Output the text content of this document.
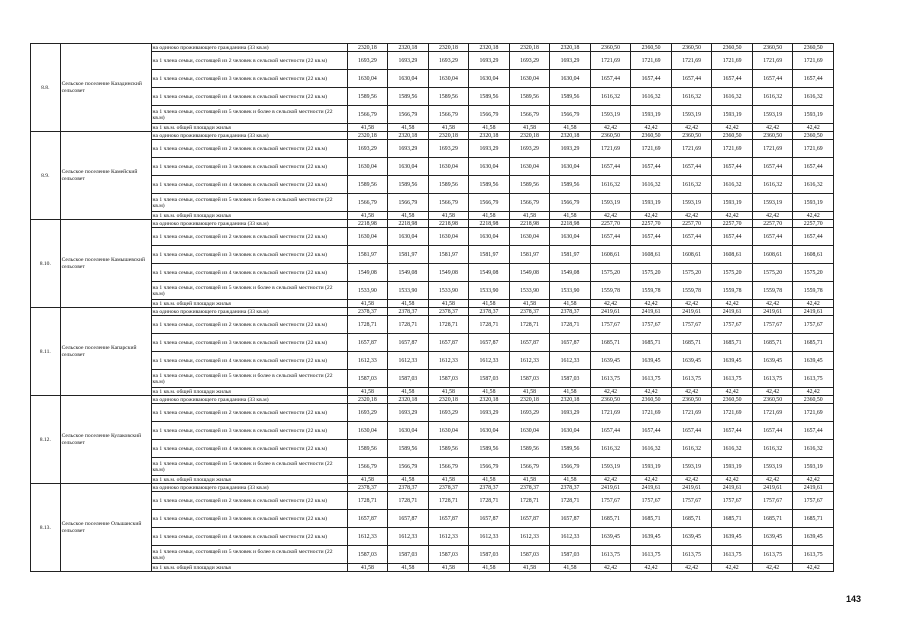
8.8.	Сельское поселение Казадинский сельсовет	на одиноко проживающего гражданина (33 кв.м)	2320,18	2320,18	2320,18	2320,18	2320,18	2320,18	2360,50	2360,50	2360,50	2360,50	2360,50	2360,50
		на 1 члена семьи, состоящей из 2 человек в сельской местности (22 кв.м)	1693,29	1693,29	1693,29	1693,29	1693,29	1693,29	1721,69	1721,69	1721,69	1721,69	1721,69	1721,69
		на 1 члена семьи, состоящей из 3 человек в сельской местности (22 кв.м)	1630,04	1630,04	1630,04	1630,04	1630,04	1630,04	1657,44	1657,44	1657,44	1657,44	1657,44	1657,44
		на 1 члена семьи, состоящей из 4 человек в сельской местности (22 кв.м)	1589,56	1589,56	1589,56	1589,56	1589,56	1589,56	1616,32	1616,32	1616,32	1616,32	1616,32	1616,32
		на 1 члена семьи, состоящей из 5 человек и более в сельской местности (22 кв.м)	1566,79	1566,79	1566,79	1566,79	1566,79	1566,79	1593,19	1593,19	1593,19	1593,19	1593,19	1593,19
		на 1 кв.м. общей площади жилья	41,58	41,58	41,58	41,58	41,58	41,58	42,42	42,42	42,42	42,42	42,42	42,42
8.9.	Сельское поселение Камейский сельсовет	на одиноко проживающего гражданина (33 кв.м)	2320,18	2320,18	2320,18	2320,18	2320,18	2320,18	2360,50	2360,50	2360,50	2360,50	2360,50	2360,50
		на 1 члена семьи, состоящей из 2 человек в сельской местности (22 кв.м)	1693,29	1693,29	1693,29	1693,29	1693,29	1693,29	1721,69	1721,69	1721,69	1721,69	1721,69	1721,69
		на 1 члена семьи, состоящей из 3 человек в сельской местности (22 кв.м)	1630,04	1630,04	1630,04	1630,04	1630,04	1630,04	1657,44	1657,44	1657,44	1657,44	1657,44	1657,44
		на 1 члена семьи, состоящей из 4 человек в сельской местности (22 кв.м)	1589,56	1589,56	1589,56	1589,56	1589,56	1589,56	1616,32	1616,32	1616,32	1616,32	1616,32	1616,32
		на 1 члена семьи, состоящей из 5 человек и более в сельской местности (22 кв.м)	1566,79	1566,79	1566,79	1566,79	1566,79	1566,79	1593,19	1593,19	1593,19	1593,19	1593,19	1593,19
		на 1 кв.м. общей площади жилья	41,58	41,58	41,58	41,58	41,58	41,58	42,42	42,42	42,42	42,42	42,42	42,42
8.10.	Сельское поселение Камышевский сельсовет	на одиноко проживающего гражданина (33 кв.м)	2218,98	2218,98	2218,98	2218,98	2218,98	2218,98	2257,70	2257,70	2257,70	2257,70	2257,70	2257,70
		на 1 члена семьи, состоящей из 2 человек в сельской местности (22 кв.м)	1630,04	1630,04	1630,04	1630,04	1630,04	1630,04	1657,44	1657,44	1657,44	1657,44	1657,44	1657,44
		на 1 члена семьи, состоящей из 3 человек в сельской местности (22 кв.м)	1581,97	1581,97	1581,97	1581,97	1581,97	1581,97	1608,61	1608,61	1608,61	1608,61	1608,61	1608,61
		на 1 члена семьи, состоящей из 4 человек в сельской местности (22 кв.м)	1549,08	1549,08	1549,08	1549,08	1549,08	1549,08	1575,20	1575,20	1575,20	1575,20	1575,20	1575,20
		на 1 члена семьи, состоящей из 5 человек и более в сельской местности (22 кв.м)	1533,90	1533,90	1533,90	1533,90	1533,90	1533,90	1559,78	1559,78	1559,78	1559,78	1559,78	1559,78
		на 1 кв.м. общей площади жилья	41,58	41,58	41,58	41,58	41,58	41,58	42,42	42,42	42,42	42,42	42,42	42,42
8.11.	Сельское поселение Капарский сельсовет	на одиноко проживающего гражданина (33 кв.м)	2378,37	2378,37	2378,37	2378,37	2378,37	2378,37	2419,61	2419,61	2419,61	2419,61	2419,61	2419,61
		на 1 члена семьи, состоящей из 2 человек в сельской местности (22 кв.м)	1728,71	1728,71	1728,71	1728,71	1728,71	1728,71	1757,67	1757,67	1757,67	1757,67	1757,67	1757,67
		на 1 члена семьи, состоящей из 3 человек в сельской местности (22 кв.м)	1657,87	1657,87	1657,87	1657,87	1657,87	1657,87	1685,71	1685,71	1685,71	1685,71	1685,71	1685,71
		на 1 члена семьи, состоящей из 4 человек в сельской местности (22 кв.м)	1612,33	1612,33	1612,33	1612,33	1612,33	1612,33	1639,45	1639,45	1639,45	1639,45	1639,45	1639,45
		на 1 члена семьи, состоящей из 5 человек и более в сельской местности (22 кв.м)	1587,03	1587,03	1587,03	1587,03	1587,03	1587,03	1613,75	1613,75	1613,75	1613,75	1613,75	1613,75
		на 1 кв.м. общей площади жилья	41,58	41,58	41,58	41,58	41,58	41,58	42,42	42,42	42,42	42,42	42,42	42,42
8.12.	Сельское поселение Кулаковский сельсовет	на одиноко проживающего гражданина (33 кв.м)	2320,18	2320,18	2320,18	2320,18	2320,18	2320,18	2360,50	2360,50	2360,50	2360,50	2360,50	2360,50
		на 1 члена семьи, состоящей из 2 человек в сельской местности (22 кв.м)	1693,29	1693,29	1693,29	1693,29	1693,29	1693,29	1721,69	1721,69	1721,69	1721,69	1721,69	1721,69
		на 1 члена семьи, состоящей из 3 человек в сельской местности (22 кв.м)	1630,04	1630,04	1630,04	1630,04	1630,04	1630,04	1657,44	1657,44	1657,44	1657,44	1657,44	1657,44
		на 1 члена семьи, состоящей из 4 человек в сельской местности (22 кв.м)	1589,56	1589,56	1589,56	1589,56	1589,56	1589,56	1616,32	1616,32	1616,32	1616,32	1616,32	1616,32
		на 1 члена семьи, состоящей из 5 человек и более в сельской местности (22 кв.м)	1566,79	1566,79	1566,79	1566,79	1566,79	1566,79	1593,19	1593,19	1593,19	1593,19	1593,19	1593,19
		на 1 кв.м. общей площади жилья	41,58	41,58	41,58	41,58	41,58	41,58	42,42	42,42	42,42	42,42	42,42	42,42
8.13.	Сельское поселение Ольшанский сельсовет	на одиноко проживающего гражданина (33 кв.м)	2378,37	2378,37	2378,37	2378,37	2378,37	2378,37	2419,61	2419,61	2419,61	2419,61	2419,61	2419,61
		на 1 члена семьи, состоящей из 2 человек в сельской местности (22 кв.м)	1728,71	1728,71	1728,71	1728,71	1728,71	1728,71	1757,67	1757,67	1757,67	1757,67	1757,67	1757,67
		на 1 члена семьи, состоящей из 3 человек в сельской местности (22 кв.м)	1657,87	1657,87	1657,87	1657,87	1657,87	1657,87	1685,71	1685,71	1685,71	1685,71	1685,71	1685,71
		на 1 члена семьи, состоящей из 4 человек в сельской местности (22 кв.м)	1612,33	1612,33	1612,33	1612,33	1612,33	1612,33	1639,45	1639,45	1639,45	1639,45	1639,45	1639,45
		на 1 члена семьи, состоящей из 5 человек и более в сельской местности (22 кв.м)	1587,03	1587,03	1587,03	1587,03	1587,03	1587,03	1613,75	1613,75	1613,75	1613,75	1613,75	1613,75
		на 1 кв.м. общей площади жилья	41,58	41,58	41,58	41,58	41,58	41,58	42,42	42,42	42,42	42,42	42,42	42,42
143
